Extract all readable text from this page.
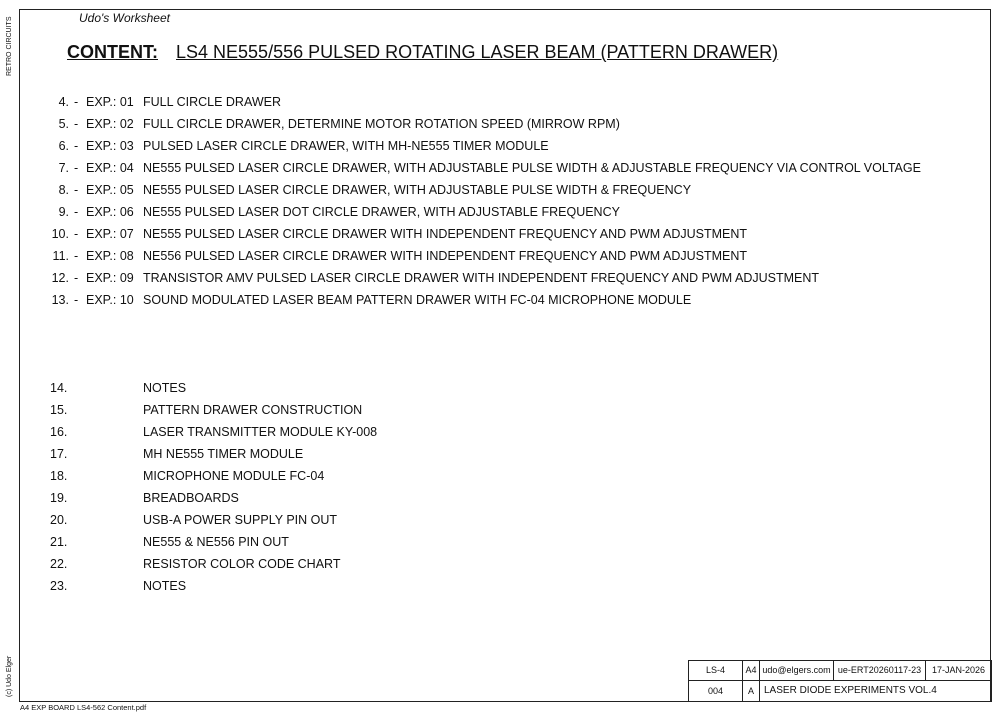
Udo's Worksheet
RETRO CIRCUITS
(c) Udo Elger
A4 EXP BOARD LS4-562 Content.pdf
CONTENT: LS4 NE555/556 PULSED ROTATING LASER BEAM (PATTERN DRAWER)
4. - EXP.: 01 FULL CIRCLE DRAWER
5. - EXP.: 02 FULL CIRCLE DRAWER, DETERMINE MOTOR ROTATION SPEED (MIRROW RPM)
6. - EXP.: 03 PULSED LASER CIRCLE DRAWER, WITH MH-NE555 TIMER MODULE
7. - EXP.: 04 NE555 PULSED LASER CIRCLE DRAWER, WITH ADJUSTABLE PULSE WIDTH & ADJUSTABLE FREQUENCY VIA CONTROL VOLTAGE
8. - EXP.: 05 NE555 PULSED LASER CIRCLE DRAWER, WITH ADJUSTABLE PULSE WIDTH & FREQUENCY
9. - EXP.: 06 NE555 PULSED LASER DOT CIRCLE DRAWER, WITH ADJUSTABLE FREQUENCY
10. - EXP.: 07 NE555 PULSED LASER CIRCLE DRAWER WITH INDEPENDENT FREQUENCY AND PWM ADJUSTMENT
11. - EXP.: 08 NE556 PULSED LASER CIRCLE DRAWER WITH INDEPENDENT FREQUENCY AND PWM ADJUSTMENT
12. - EXP.: 09 TRANSISTOR AMV PULSED LASER CIRCLE DRAWER WITH INDEPENDENT FREQUENCY AND PWM ADJUSTMENT
13. - EXP.: 10 SOUND MODULATED LASER BEAM PATTERN DRAWER WITH FC-04 MICROPHONE MODULE
14.	NOTES
15.	PATTERN DRAWER CONSTRUCTION
16.	LASER TRANSMITTER MODULE KY-008
17.	MH NE555 TIMER MODULE
18.	MICROPHONE MODULE FC-04
19.	BREADBOARDS
20.	USB-A POWER SUPPLY PIN OUT
21.	NE555 & NE556 PIN OUT
22.	RESISTOR COLOR CODE CHART
23.	NOTES
LS-4	A4	udo@elgers.com	ue-ERT20260117-23	17-JAN-2026
004	A	LASER DIODE EXPERIMENTS VOL.4		
